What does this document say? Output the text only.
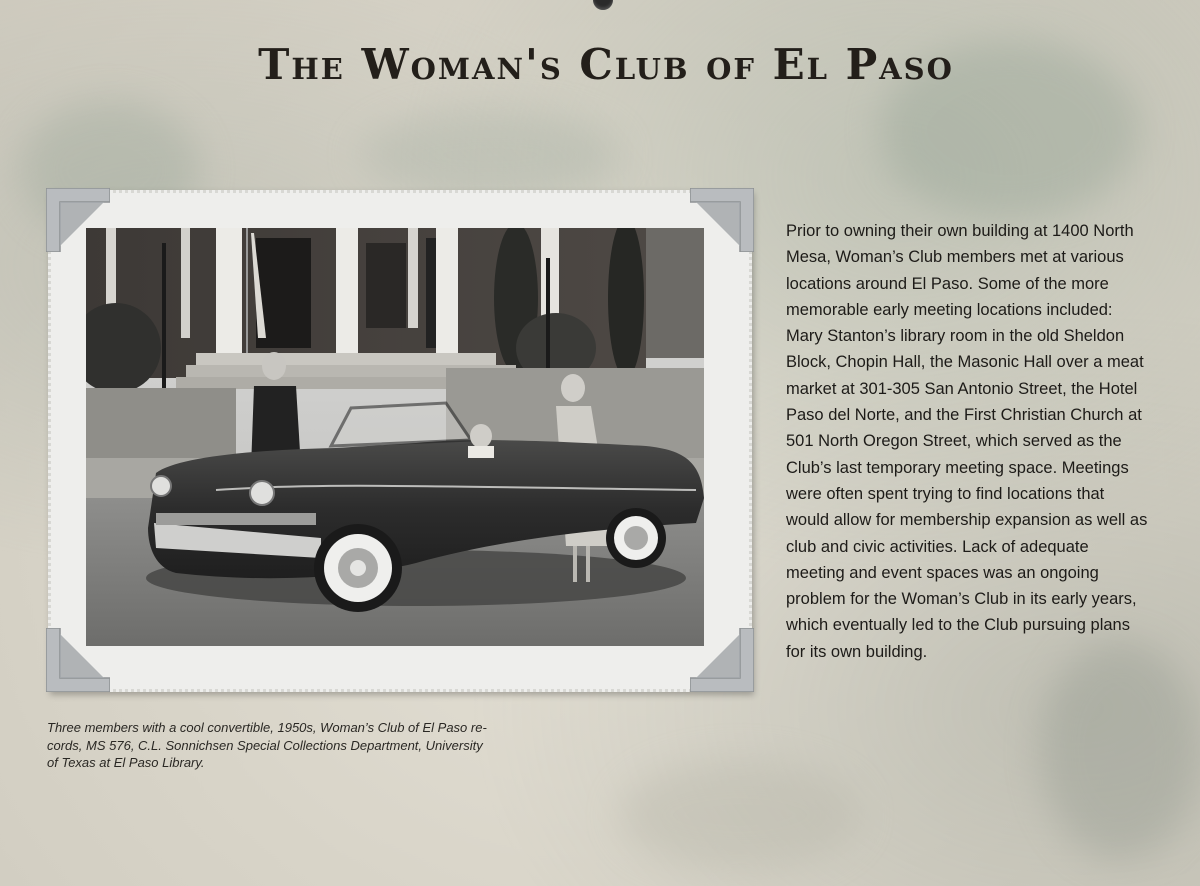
The Woman's Club of El Paso

Prior to owning their own building at 1400 North
Mesa, Woman’s Club members met at various
locations around El Paso. Some of the more
memorable early meeting locations included:
Mary Stanton’s library room in the old Sheldon
Block, Chopin Hall, the Masonic Hall over a meat
market at 301-305 San Antonio Street, the Hotel
Paso del Norte, and the First Christian Church at
501 North Oregon Street, which served as the
Club’s last temporary meeting space. Meetings
were often spent trying to find locations that
would allow for membership expansion as well as
club and civic activities. Lack of adequate
meeting and event spaces was an ongoing
problem for the Woman’s Club in its early years,
which eventually led to the Club pursuing plans
for its own building.

Three members with a cool convertible, 1950s, Woman’s Club of El Paso re-
cords, MS 576, C.L. Sonnichsen Special Collections Department, University
of Texas at El Paso Library.
